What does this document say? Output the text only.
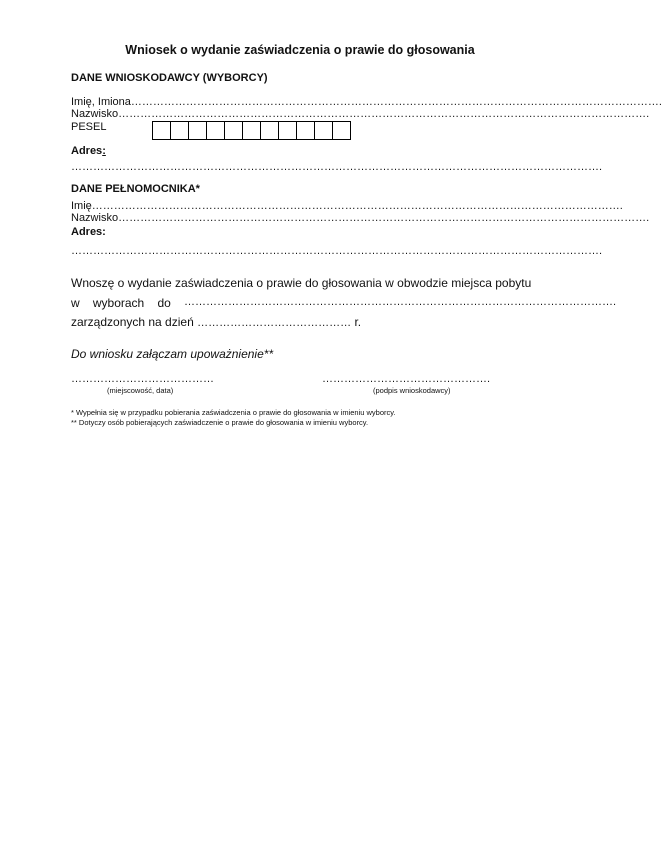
Wniosek o wydanie zaświadczenia o prawie do głosowania
DANE WNIOSKODAWCY (WYBORCY)
Imię, Imiona……………………………………………………………………………………………………………………………….
Nazwisko……………………………………………………………………………………………………………………………….
PESEL
Adres:
……………………………………………………………………………………………………………………………….
DANE PEŁNOMOCNIKA*
Imię……………………………………………………………………………………………………………………………….
Nazwisko……………………………………………………………………………………………………………………………….
Adres:
……………………………………………………………………………………………………………………………….
Wnoszę o wydanie zaświadczenia o prawie do głosowania w obwodzie miejsca pobytu
w wyborach do ……………………………………………………………………………………………………….
zarządzonych na dzień …………………………………… r.
Do wniosku załączam upoważnienie**
…………………………………	……………………………………….
(miejscowość, data)	(podpis wnioskodawcy)
* Wypełnia się w przypadku pobierania zaświadczenia o prawie do głosowania w imieniu wyborcy.
** Dotyczy osób pobierających zaświadczenie o prawie do głosowania w imieniu wyborcy.
